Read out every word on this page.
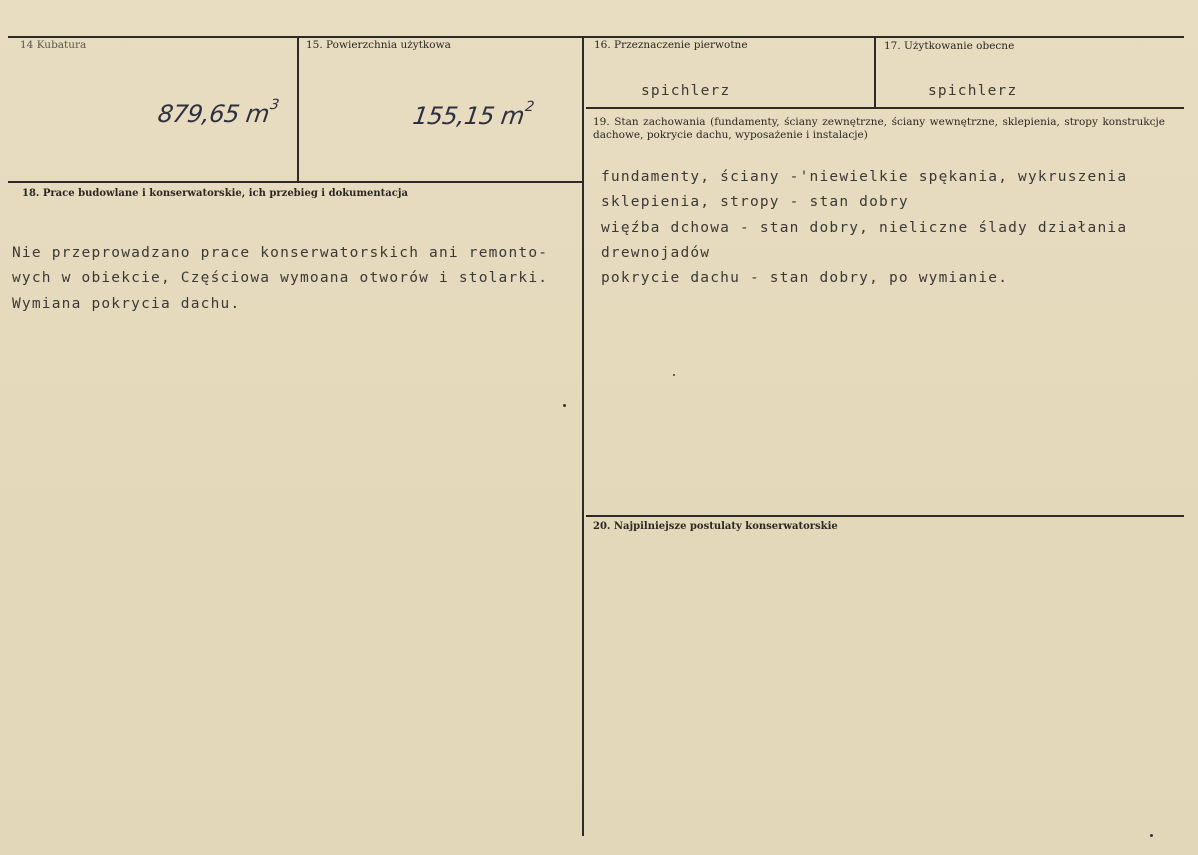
14 Kubatura
879,65 $m^3$
15. Powierzchnia użytkowa
155,15 $m^2$
16. Przeznaczenie pierwotne
spichlerz
17. Użytkowanie obecne
spichlerz
18. Prace budowlane i konserwatorskie, ich przebieg i dokumentacja
Nie przeprowadzano prace konserwatorskich ani remonto-
wych w obiekcie, Częściowa wymoana otworów i stolarki.
Wymiana pokrycia dachu.
19. Stan zachowania (fundamenty, ściany zewnętrzne, ściany wewnętrzne, sklepienia, stropy konstrukcje dachowe, pokrycie dachu, wyposażenie i instalacje)
fundamenty, ściany -'niewielkie spękania, wykruszenia
sklepienia, stropy - stan dobry
więźba dchowa - stan dobry, nieliczne ślady działania
drewnojadów
pokrycie dachu - stan dobry, po wymianie.
20. Najpilniejsze postulaty konserwatorskie
